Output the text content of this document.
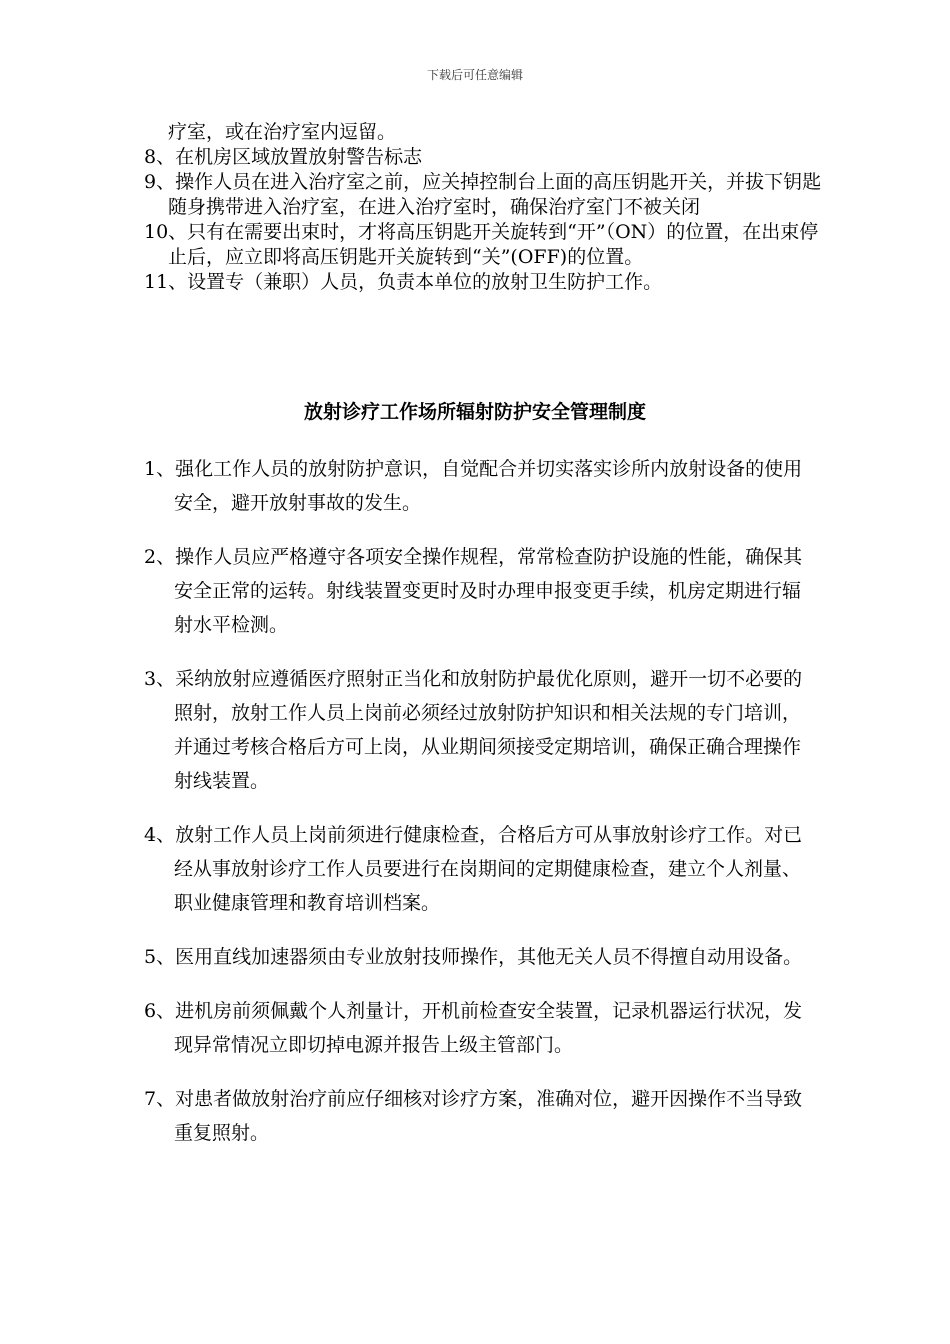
下载后可任意编辑
疗室，或在治疗室内逗留。
8、在机房区域放置放射警告标志
9、操作人员在进入治疗室之前，应关掉控制台上面的高压钥匙开关，并拔下钥匙随身携带进入治疗室，在进入治疗室时，确保治疗室门不被关闭
10、只有在需要出束时，才将高压钥匙开关旋转到“开”（ON）的位置，在出束停止后，应立即将高压钥匙开关旋转到“关”(OFF)的位置。
11、设置专（兼职）人员，负责本单位的放射卫生防护工作。
放射诊疗工作场所辐射防护安全管理制度
1、强化工作人员的放射防护意识，自觉配合并切实落实诊所内放射设备的使用安全，避开放射事故的发生。
2、操作人员应严格遵守各项安全操作规程，常常检查防护设施的性能，确保其安全正常的运转。射线装置变更时及时办理申报变更手续，机房定期进行辐射水平检测。
3、采纳放射应遵循医疗照射正当化和放射防护最优化原则，避开一切不必要的照射，放射工作人员上岗前必须经过放射防护知识和相关法规的专门培训，并通过考核合格后方可上岗，从业期间须接受定期培训，确保正确合理操作射线装置。
4、放射工作人员上岗前须进行健康检查，合格后方可从事放射诊疗工作。对已经从事放射诊疗工作人员要进行在岗期间的定期健康检查，建立个人剂量、职业健康管理和教育培训档案。
5、医用直线加速器须由专业放射技师操作，其他无关人员不得擅自动用设备。
6、进机房前须佩戴个人剂量计，开机前检查安全装置，记录机器运行状况，发现异常情况立即切掉电源并报告上级主管部门。
7、对患者做放射治疗前应仔细核对诊疗方案，准确对位，避开因操作不当导致重复照射。
